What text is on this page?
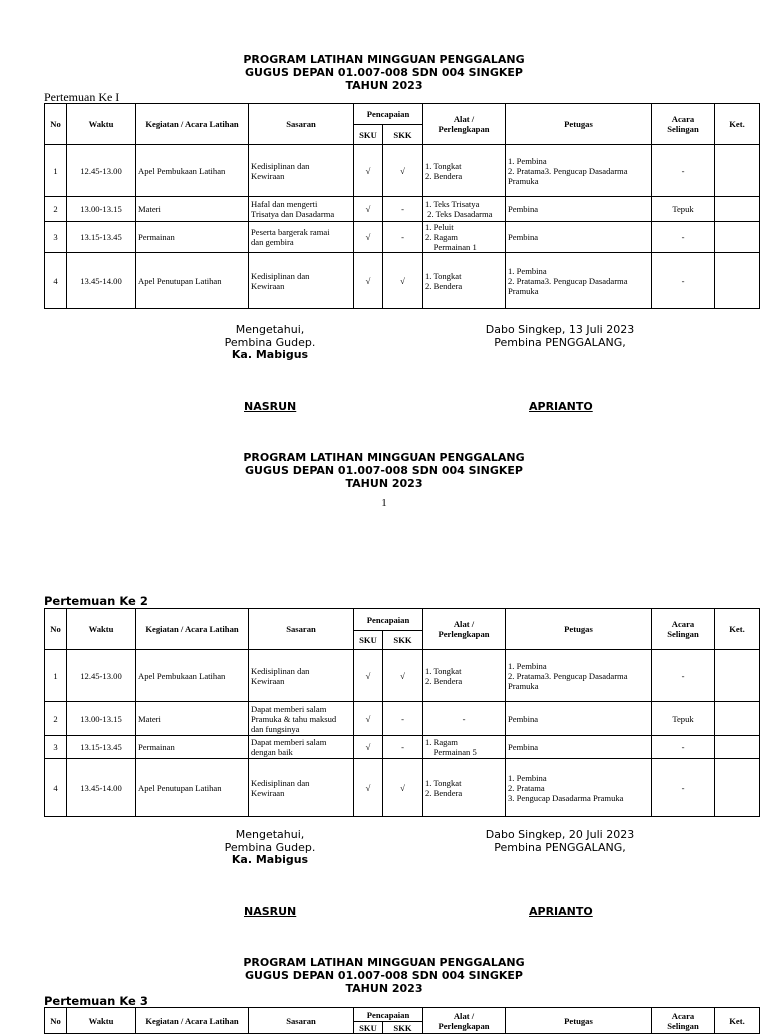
PROGRAM LATIHAN MINGGUAN PENGGALANG
GUGUS DEPAN 01.007-008 SDN 004 SINGKEP
TAHUN 2023
Pertemuan Ke I
No	Waktu	Kegiatan / Acara Latihan	Sasaran	Pencapaian		Alat /
Perlengkapan	Petugas	Acara
Selingan	Ket.
				SKU	SKK				
1	12.45-13.00	Apel Pembukaan Latihan	Kedisiplinan dan
Kewiraan	√	√	1. Tongkat
2. Bendera	1. Pembina
2. Pratama3. Pengucap Dasadarma
Pramuka	-	
2	13.00-13.15	Materi	Hafal dan mengerti
Trisatya dan Dasadarma	√	-	1. Teks Trisatya
2. Teks Dasadarma	Pembina	Tepuk	
3	13.15-13.45	Permainan	Peserta bargerak ramai
dan gembira	√	-	1. Peluit
2. Ragam
Permainan 1	Pembina	-	
4	13.45-14.00	Apel Penutupan Latihan	Kedisiplinan dan
Kewiraan	√	√	1. Tongkat
2. Bendera	1. Pembina
2. Pratama3. Pengucap Dasadarma
Pramuka	-	
Mengetahui,
Pembina Gudep.
Ka. Mabigus
Dabo Singkep, 13 Juli 2023
Pembina PENGGALANG,
NASRUN	APRIANTO
PROGRAM LATIHAN MINGGUAN PENGGALANG
GUGUS DEPAN 01.007-008 SDN 004 SINGKEP
TAHUN 2023
1
Pertemuan Ke 2
No	Waktu	Kegiatan / Acara Latihan	Sasaran	Pencapaian		Alat /
Perlengkapan	Petugas	Acara
Selingan	Ket.
				SKU	SKK				
1	12.45-13.00	Apel Pembukaan Latihan	Kedisiplinan dan
Kewiraan	√	√	1. Tongkat
2. Bendera	1. Pembina
2. Pratama3. Pengucap Dasadarma
Pramuka	-	
2	13.00-13.15	Materi	Dapat memberi salam
Pramuka & tahu maksud
dan fungsinya	√	-	-	Pembina	Tepuk	
3	13.15-13.45	Permainan	Dapat memberi salam
dengan baik	√	-	1. Ragam
Permainan 5	Pembina	-	
4	13.45-14.00	Apel Penutupan Latihan	Kedisiplinan dan
Kewiraan	√	√	1. Tongkat
2. Bendera	1. Pembina
2. Pratama
3. Pengucap Dasadarma Pramuka	-	
Mengetahui,
Pembina Gudep.
Ka. Mabigus
Dabo Singkep, 20 Juli 2023
Pembina PENGGALANG,
NASRUN	APRIANTO
PROGRAM LATIHAN MINGGUAN PENGGALANG
GUGUS DEPAN 01.007-008 SDN 004 SINGKEP
TAHUN 2023
Pertemuan Ke 3
No	Waktu	Kegiatan / Acara Latihan	Sasaran	Pencapaian		Alat /
Perlengkapan	Petugas	Acara
Selingan	Ket.
				SKU	SKK				
